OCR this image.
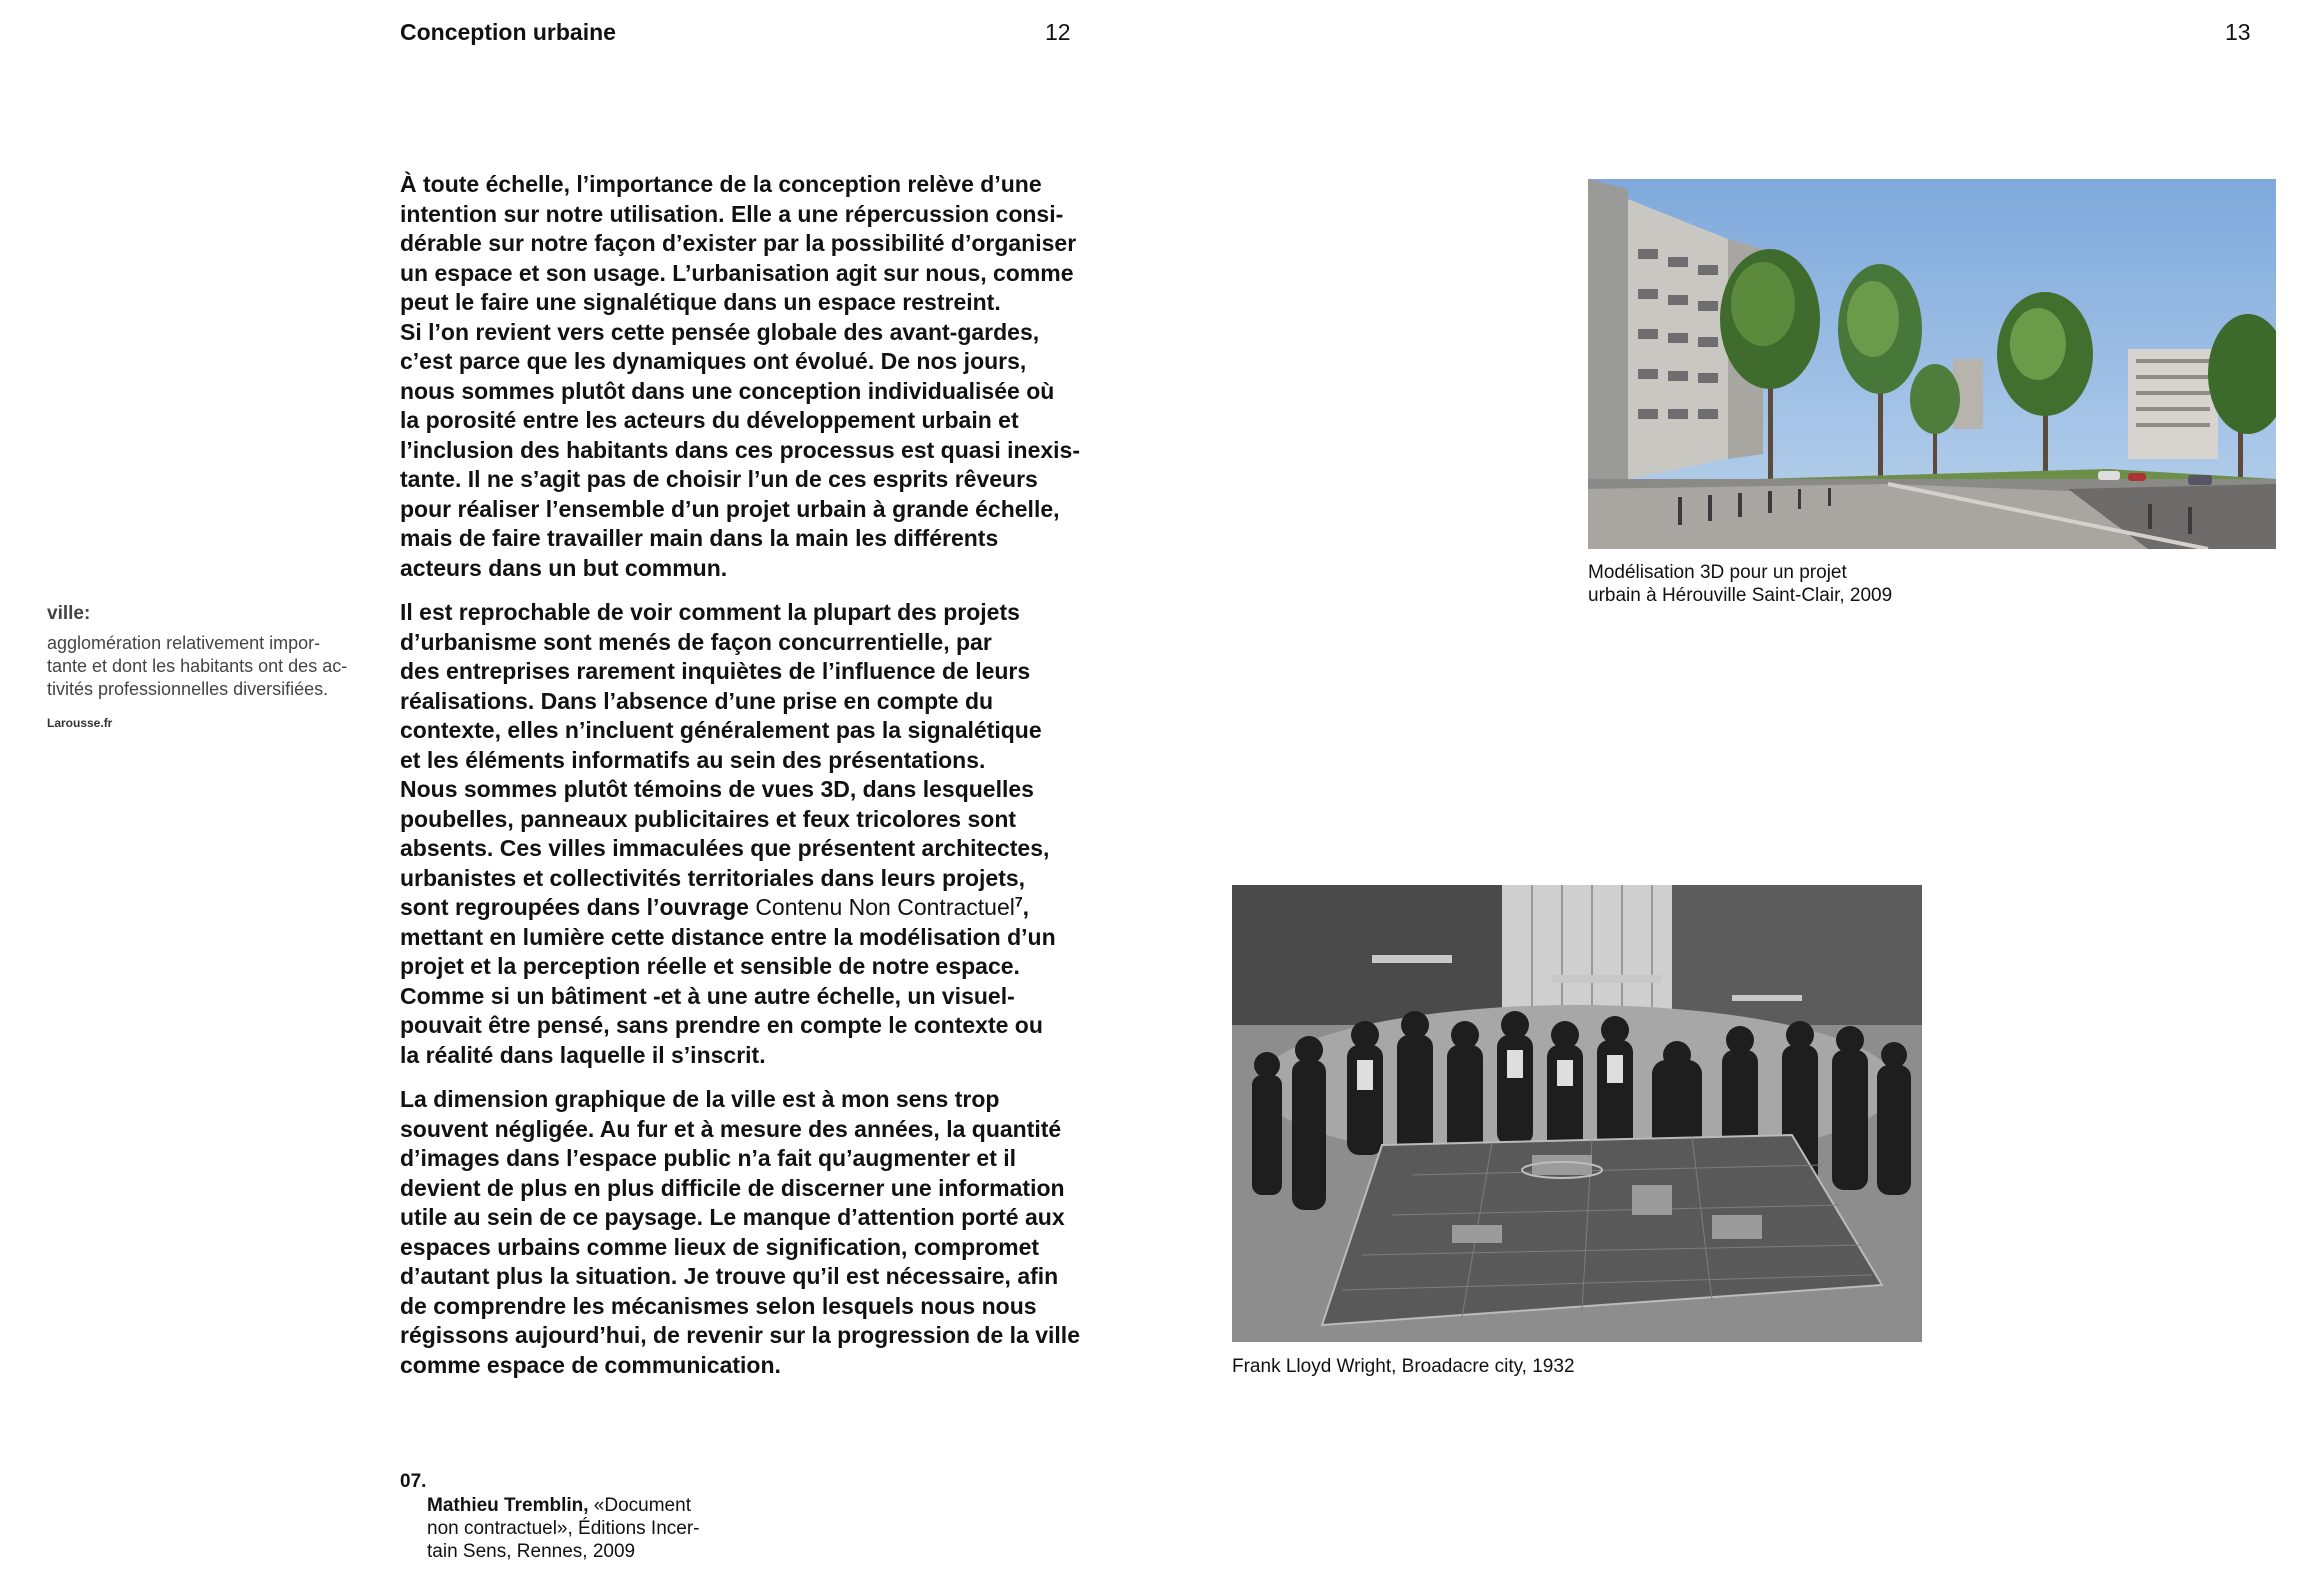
Conception urbaine	12	13
ville:
agglomération relativement impor-
tante et dont les habitants ont des ac-
tivités professionnelles diversifiées.
Larousse.fr

À toute échelle, l’importance de la conception relève d’une
intention sur notre utilisation. Elle a une répercussion consi-
dérable sur notre façon d’exister par la possibilité d’organiser
un espace et son usage. L’urbanisation agit sur nous, comme
peut le faire une signalétique dans un espace restreint.
Si l’on revient vers cette pensée globale des avant-gardes,
c’est parce que les dynamiques ont évolué. De nos jours,
nous sommes plutôt dans une conception individualisée où
la porosité entre les acteurs du développement urbain et
l’inclusion des habitants dans ces processus est quasi inexis-
tante. Il ne s’agit pas de choisir l’un de ces esprits rêveurs
pour réaliser l’ensemble d’un projet urbain à grande échelle,
mais de faire travailler main dans la main les différents
acteurs dans un but commun.

Il est reprochable de voir comment la plupart des projets
d’urbanisme sont menés de façon concurrentielle, par
des entreprises rarement inquiètes de l’influence de leurs
réalisations. Dans l’absence d’une prise en compte du
contexte, elles n’incluent généralement pas la signalétique
et les éléments informatifs au sein des présentations.
Nous sommes plutôt témoins de vues 3D, dans lesquelles
poubelles, panneaux publicitaires et feux tricolores sont
absents. Ces villes immaculées que présentent architectes,
urbanistes et collectivités territoriales dans leurs projets,
sont regroupées dans l’ouvrage Contenu Non Contractuel$^7$,
mettant en lumière cette distance entre la modélisation d’un
projet et la perception réelle et sensible de notre espace.
Comme si un bâtiment -et à une autre échelle, un visuel-
pouvait être pensé, sans prendre en compte le contexte ou
la réalité dans laquelle il s’inscrit.

La dimension graphique de la ville est à mon sens trop
souvent négligée. Au fur et à mesure des années, la quantité
d’images dans l’espace public n’a fait qu’augmenter et il
devient de plus en plus difficile de discerner une information
utile au sein de ce paysage. Le manque d’attention porté aux
espaces urbains comme lieux de signification, compromet
d’autant plus la situation. Je trouve qu’il est nécessaire, afin
de comprendre les mécanismes selon lesquels nous nous
régissons aujourd’hui, de revenir sur la progression de la ville
comme espace de communication.

07.
Mathieu Tremblin, «Document
non contractuel», Éditions Incer-
tain Sens, Rennes, 2009
Modélisation 3D pour un projet
urbain à Hérouville Saint-Clair, 2009
Frank Lloyd Wright, Broadacre city, 1932
